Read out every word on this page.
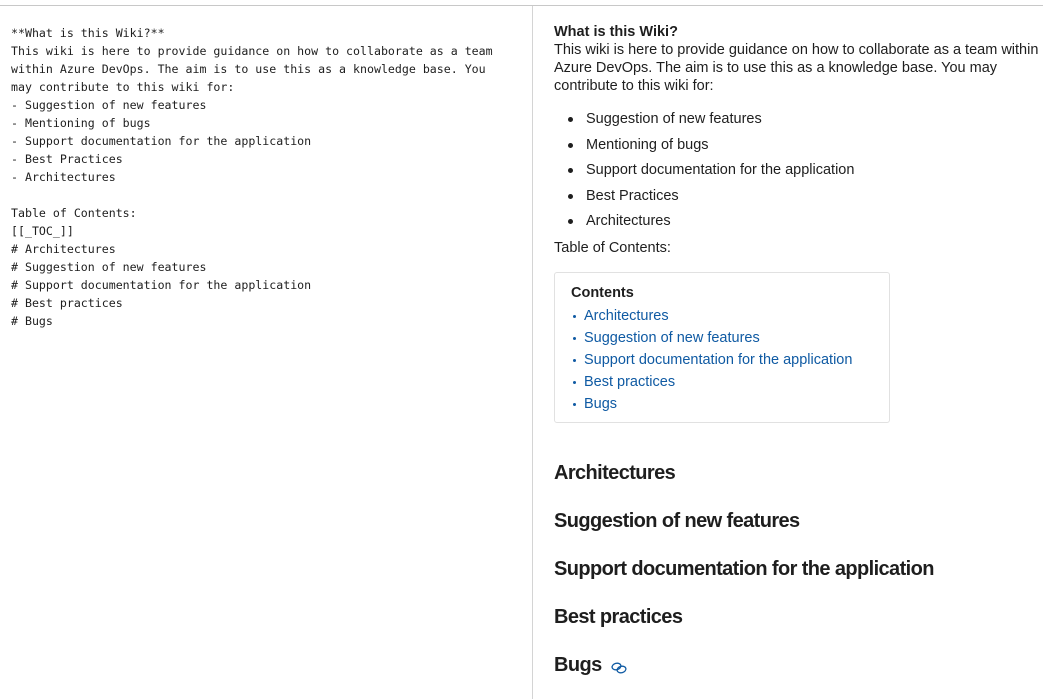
**What is this Wiki?**
This wiki is here to provide guidance on how to collaborate as a team
within Azure DevOps. The aim is to use this as a knowledge base. You
may contribute to this wiki for:
- Suggestion of new features
- Mentioning of bugs
- Support documentation for the application
- Best Practices
- Architectures

Table of Contents:
[[_TOC_]]
# Architectures
# Suggestion of new features
# Support documentation for the application
# Best practices
# Bugs
What is this Wiki?
This wiki is here to provide guidance on how to collaborate as a team within Azure DevOps. The aim is to use this as a knowledge base. You may contribute to this wiki for:
Suggestion of new features
Mentioning of bugs
Support documentation for the application
Best Practices
Architectures
Table of Contents:
Contents
Architectures
Suggestion of new features
Support documentation for the application
Best practices
Bugs
Architectures
Suggestion of new features
Support documentation for the application
Best practices
Bugs
